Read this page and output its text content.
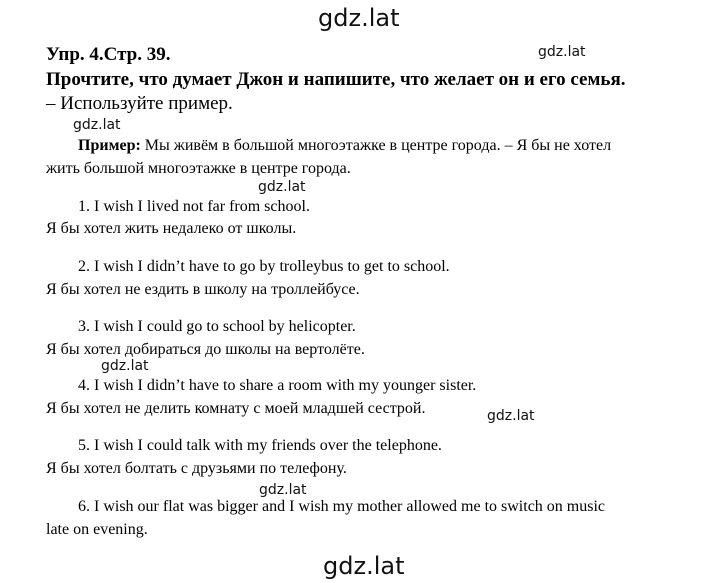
gdz.lat
gdz.lat
gdz.lat
gdz.lat
gdz.lat
gdz.lat
gdz.lat
gdz.lat
Упр. 4.Стр. 39.
Прочтите, что думает Джон и напишите, что желает он и его семья.
– Используйте пример.
Пример: Мы живём в большой многоэтажке в центре города. – Я бы не хотел
жить большой многоэтажке в центре города.
1. I wish I lived not far from school.
Я бы хотел жить недалеко от школы.
2. I wish I didn’t have to go by trolleybus to get to school.
Я бы хотел не ездить в школу на троллейбусе.
3. I wish I could go to school by helicopter.
Я бы хотел добираться до школы на вертолёте.
4. I wish I didn’t have to share a room with my younger sister.
Я бы хотел не делить комнату с моей младшей сестрой.
5. I wish I could talk with my friends over the telephone.
Я бы хотел болтать с друзьями по телефону.
6. I wish our flat was bigger and I wish my mother allowed me to switch on music
late on evening.
